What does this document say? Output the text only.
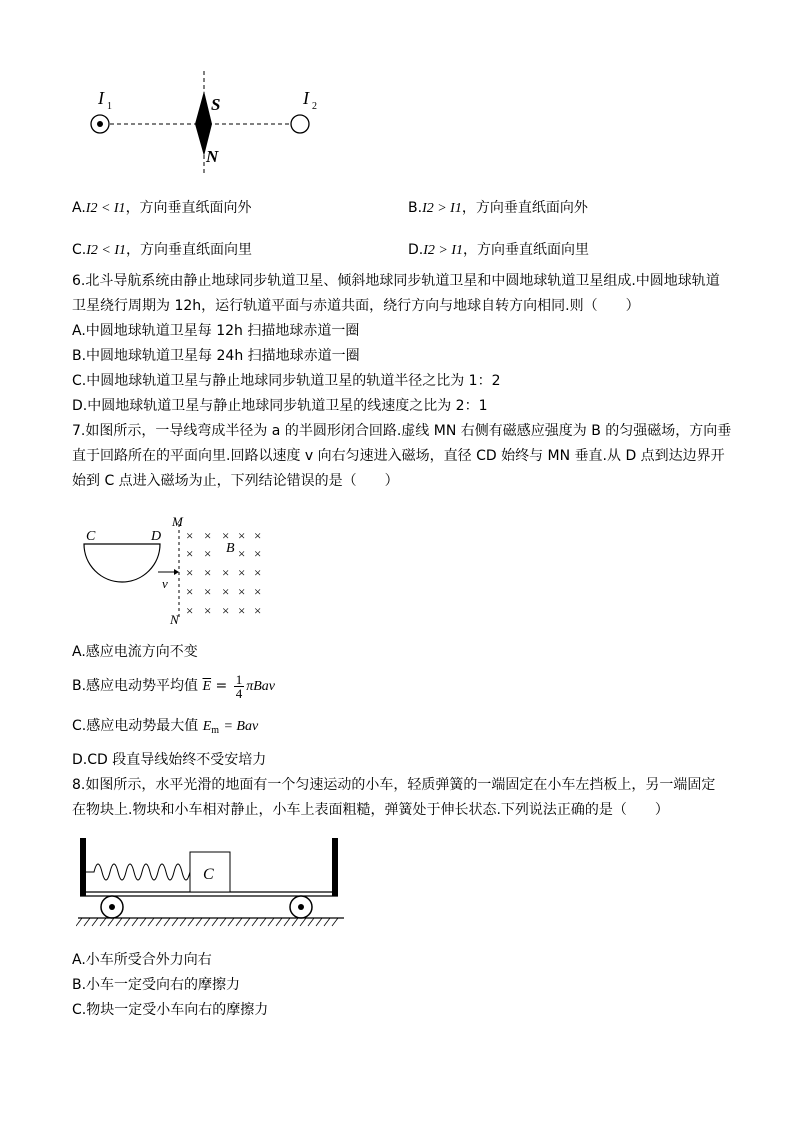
I 1	I 2
S
N
A.I2 < I1，方向垂直纸面向外	B.I2 > I1，方向垂直纸面向外
C.I2 < I1，方向垂直纸面向里	D.I2 > I1，方向垂直纸面向里
6.北斗导航系统由静止地球同步轨道卫星、倾斜地球同步轨道卫星和中圆地球轨道卫星组成.中圆地球轨道
卫星绕行周期为 12h，运行轨道平面与赤道共面，绕行方向与地球自转方向相同.则（　　）
A.中圆地球轨道卫星每 12h 扫描地球赤道一圈
B.中圆地球轨道卫星每 24h 扫描地球赤道一圈
C.中圆地球轨道卫星与静止地球同步轨道卫星的轨道半径之比为 1：2
D.中圆地球轨道卫星与静止地球同步轨道卫星的线速度之比为 2：1
7.如图所示，一导线弯成半径为 a 的半圆形闭合回路.虚线 MN 右侧有磁感应强度为 B 的匀强磁场，方向垂
直于回路所在的平面向里.回路以速度 v 向右匀速进入磁场，直径 CD 始终与 MN 垂直.从 D 点到达边界开
始到 C 点进入磁场为止，下列结论错误的是（　　）
C	D
M
N
B
v
× × × × ×
× × × ×
× × × × ×
× × × × ×
× × × × ×
A.感应电流方向不变
B.感应电动势平均值 $\overline{E} = \frac{1}{4}$ πBav
C.感应电动势最大值 $E_m$ = Bav
D.CD 段直导线始终不受安培力
8.如图所示，水平光滑的地面有一个匀速运动的小车，轻质弹簧的一端固定在小车左挡板上，另一端固定
在物块上.物块和小车相对静止，小车上表面粗糙，弹簧处于伸长状态.下列说法正确的是（　　）
C
A.小车所受合外力向右
B.小车一定受向右的摩擦力
C.物块一定受小车向右的摩擦力
